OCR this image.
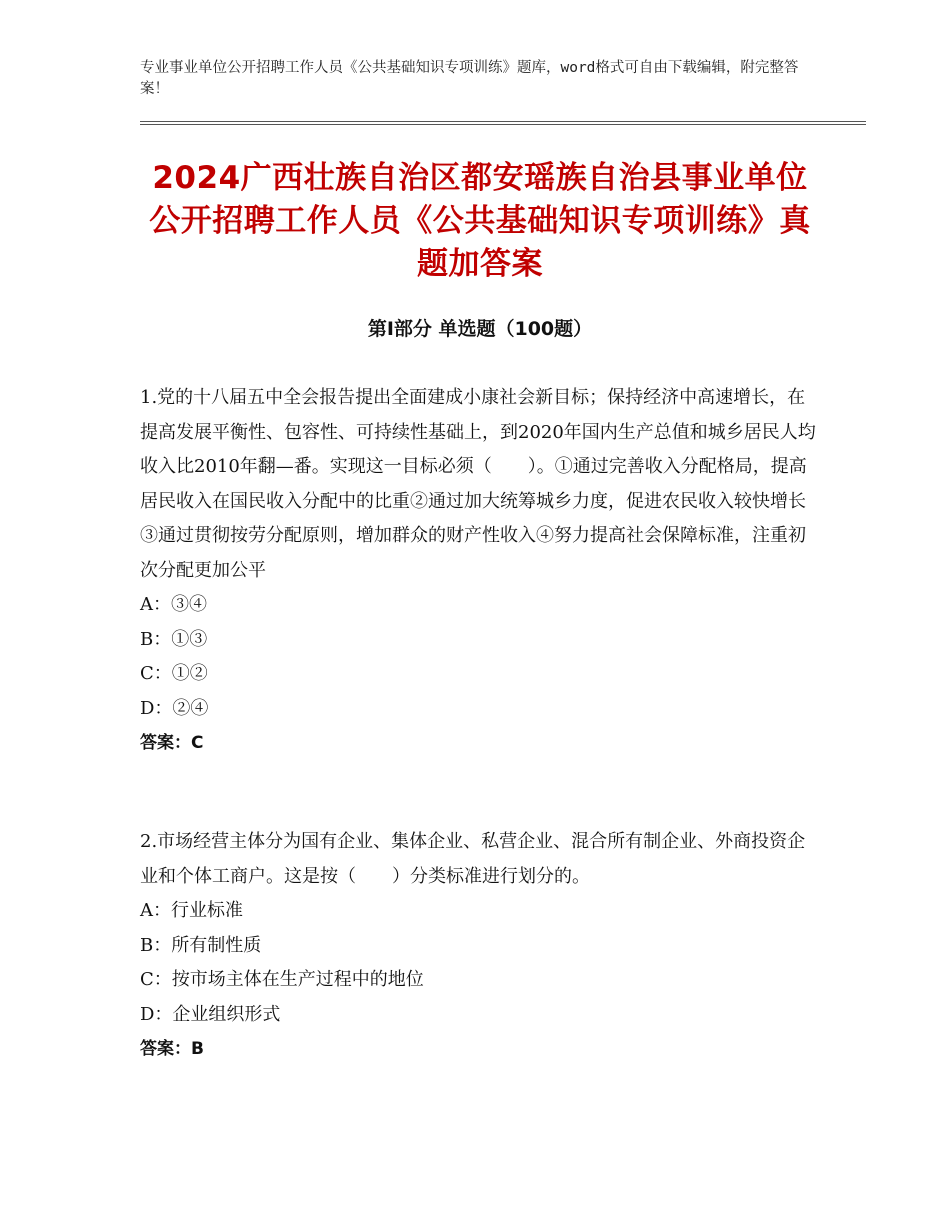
专业事业单位公开招聘工作人员《公共基础知识专项训练》题库，word格式可自由下载编辑，附完整答案！
2024广西壮族自治区都安瑶族自治县事业单位公开招聘工作人员《公共基础知识专项训练》真题加答案
第Ⅰ部分 单选题（100题）

1.党的十八届五中全会报告提出全面建成小康社会新目标；保持经济中高速增长，在提高发展平衡性、包容性、可持续性基础上，到2020年国内生产总值和城乡居民人均收入比2010年翻—番。实现这一目标必须（　　）。①通过完善收入分配格局，提高居民收入在国民收入分配中的比重②通过加大统筹城乡力度，促进农民收入较快增长③通过贯彻按劳分配原则，增加群众的财产性收入④努力提高社会保障标准，注重初次分配更加公平

A：③④

B：①③

C：①②

D：②④

答案：C

2.市场经营主体分为国有企业、集体企业、私营企业、混合所有制企业、外商投资企业和个体工商户。这是按（　　）分类标准进行划分的。

A：行业标准

B：所有制性质

C：按市场主体在生产过程中的地位

D：企业组织形式

答案：B
